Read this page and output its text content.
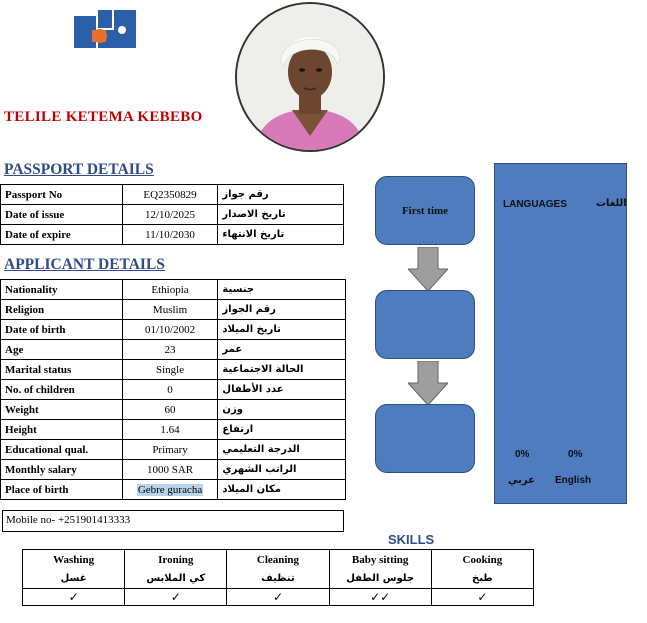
TELILE KETEMA KEBEBO
PASSPORT DETAILS
Passport No	EQ2350829	رقم جواز
Date of issue	12/10/2025	تاريخ الاصدار
Date of expire	11/10/2030	تاريخ الانتهاء
APPLICANT DETAILS
Nationality	Ethiopia	جنسية
Religion	Muslim	رقم الجواز
Date of birth	01/10/2002	تاريخ الميلاد
Age	23	عمر
Marital status	Single	الحالة الاجتماعية
No. of children	0	عدد الأطفال
Weight	60	وزن
Height	1.64	ارتفاع
Educational qual.	Primary	الدرجة التعليمي
Monthly salary	1000 SAR	الراتب الشهري
Place of birth	Gebre guracha	مكان الميلاد
Mobile no- +251901413333
First time	LANGUAGES	اللغات
0%	0%
عربي English
SKILLS
Washing	Ironing	Cleaning	Baby sitting	Cooking
غسل	كي الملابس	تنظيف	جلوس الطفل	طبخ
✓	✓	✓	✓✓	✓
